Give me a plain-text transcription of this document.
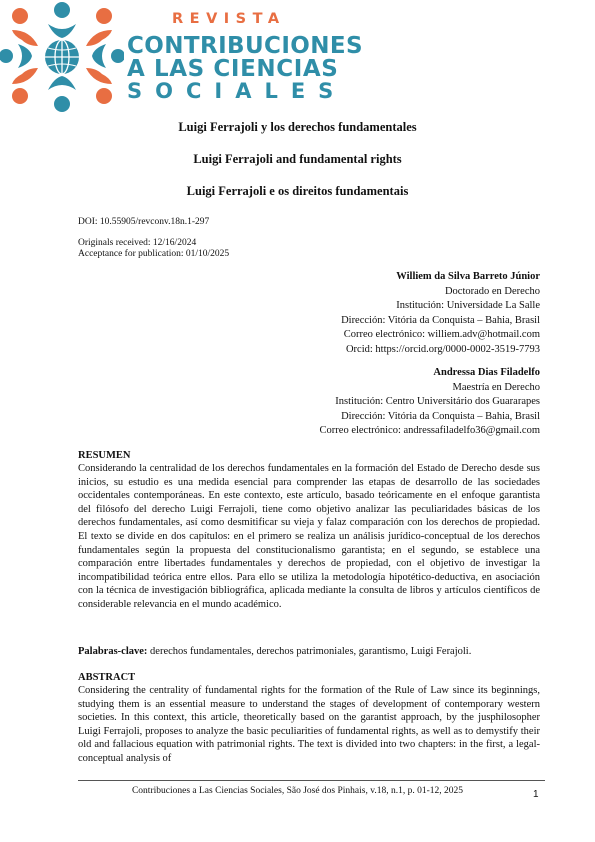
REVISTA
CONTRIBUCIONES
A LAS CIENCIAS
SOCIALES
Luigi Ferrajoli y los derechos fundamentales
Luigi Ferrajoli and fundamental rights
Luigi Ferrajoli e os direitos fundamentais
DOI: 10.55905/revconv.18n.1-297
Originals received: 12/16/2024
Acceptance for publication: 01/10/2025
Williem da Silva Barreto Júnior
Doctorado en Derecho
Institución: Universidade La Salle
Dirección: Vitória da Conquista – Bahia, Brasil
Correo electrónico: williem.adv@hotmail.com
Orcid: https://orcid.org/0000-0002-3519-7793
Andressa Dias Filadelfo
Maestría en Derecho
Institución: Centro Universitário dos Guararapes
Dirección: Vitória da Conquista – Bahia, Brasil
Correo electrónico: andressafiladelfo36@gmail.com
RESUMEN

Considerando la centralidad de los derechos fundamentales en la formación del Estado de Derecho desde sus inicios, su estudio es una medida esencial para comprender las etapas de desarrollo de las sociedades occidentales contemporáneas. En este contexto, este artículo, basado teóricamente en el enfoque garantista del filósofo del derecho Luigi Ferrajoli, tiene como objetivo analizar las peculiaridades básicas de los derechos fundamentales, así como desmitificar su vieja y falaz comparación con los derechos de propiedad. El texto se divide en dos capítulos: en el primero se realiza un análisis jurídico-conceptual de los derechos fundamentales según la propuesta del constitucionalismo garantista; en el segundo, se establece una comparación entre libertades fundamentales y derechos de propiedad, con el objetivo de investigar la incompatibilidad teórica entre ellos. Para ello se utiliza la metodología hipotético-deductiva, en asociación con la técnica de investigación bibliográfica, aplicada mediante la consulta de libros y artículos científicos de considerable relevancia en el mundo académico.

Palabras-clave: derechos fundamentales, derechos patrimoniales, garantismo, Luigi Ferajoli.

ABSTRACT

Considering the centrality of fundamental rights for the formation of the Rule of Law since its beginnings, studying them is an essential measure to understand the stages of development of contemporary western societies. In this context, this article, theoretically based on the garantist approach, by the jusphilosopher Luigi Ferrajoli, proposes to analyze the basic peculiarities of fundamental rights, as well as to demystify their old and fallacious equation with patrimonial rights. The text is divided into two chapters: in the first, a legal-conceptual analysis of

Contribuciones a Las Ciencias Sociales, São José dos Pinhais, v.18, n.1, p. 01-12, 2025	1
